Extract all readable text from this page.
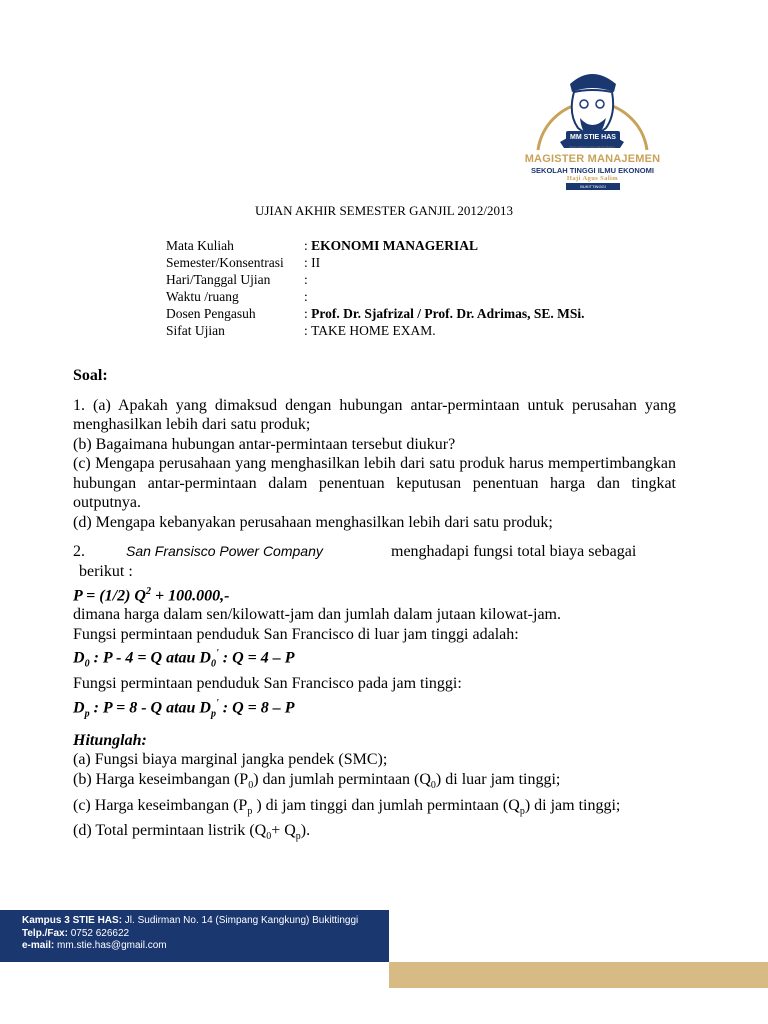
MM STIE HAS
PERGURUAN INDONESIA BARU
MAGISTER MANAJEMEN
SEKOLAH TINGGI ILMU EKONOMI
Haji Agus Salim
BUKITTINGGI
UJIAN AKHIR SEMESTER GANJIL 2012/2013
Mata Kuliah	:
EKONOMI MANAGERIAL
Semester/Konsentrasi	:
II
Hari/Tanggal Ujian	:

Waktu /ruang	:

Dosen Pengasuh	:
Prof. Dr. Sjafrizal / Prof. Dr. Adrimas, SE. MSi.
Sifat Ujian	:
TAKE HOME EXAM.
Soal:
1. (a) Apakah yang dimaksud dengan hubungan antar-permintaan untuk perusahan yang menghasilkan lebih dari satu produk;
(b) Bagaimana hubungan antar-permintaan tersebut diukur?
(c) Mengapa perusahaan yang menghasilkan lebih dari satu produk harus mempertimbangkan hubungan antar-permintaan dalam penentuan keputusan penentuan harga dan tingkat outputnya.
(d) Mengapa kebanyakan perusahaan menghasilkan lebih dari satu produk;
2.	San Fransisco Power Company	menghadapi fungsi total biaya sebagai
berikut :
P = (1/2) $Q^2 + 100.000,-$
dimana harga dalam sen/kilowatt-jam dan jumlah dalam jutaan kilowat-jam.
Fungsi permintaan penduduk San Francisco di luar jam tinggi adalah:
$D_0$ : P - 4 = Q atau $D_0'$ : Q = 4 – P
Fungsi permintaan penduduk San Francisco pada jam tinggi:
$D_p$ : P = 8 - Q atau $D_p'$ : Q = 8 – P
Hitunglah:
(a) Fungsi biaya marginal jangka pendek (SMC);
(b) Harga keseimbangan $(P_0)$ dan jumlah permintaan $(Q_0)$ di luar jam tinggi;
(c) Harga keseimbangan ($P_p$ ) di jam tinggi dan jumlah permintaan $(Q_p)$ di jam tinggi;
(d) Total permintaan listrik $(Q_0+ Q_p)$.
Kampus 3 STIE HAS: Jl. Sudirman No. 14 (Simpang Kangkung) Bukittinggi
Telp./Fax: 0752 626622
e-mail: mm.stie.has@gmail.com
